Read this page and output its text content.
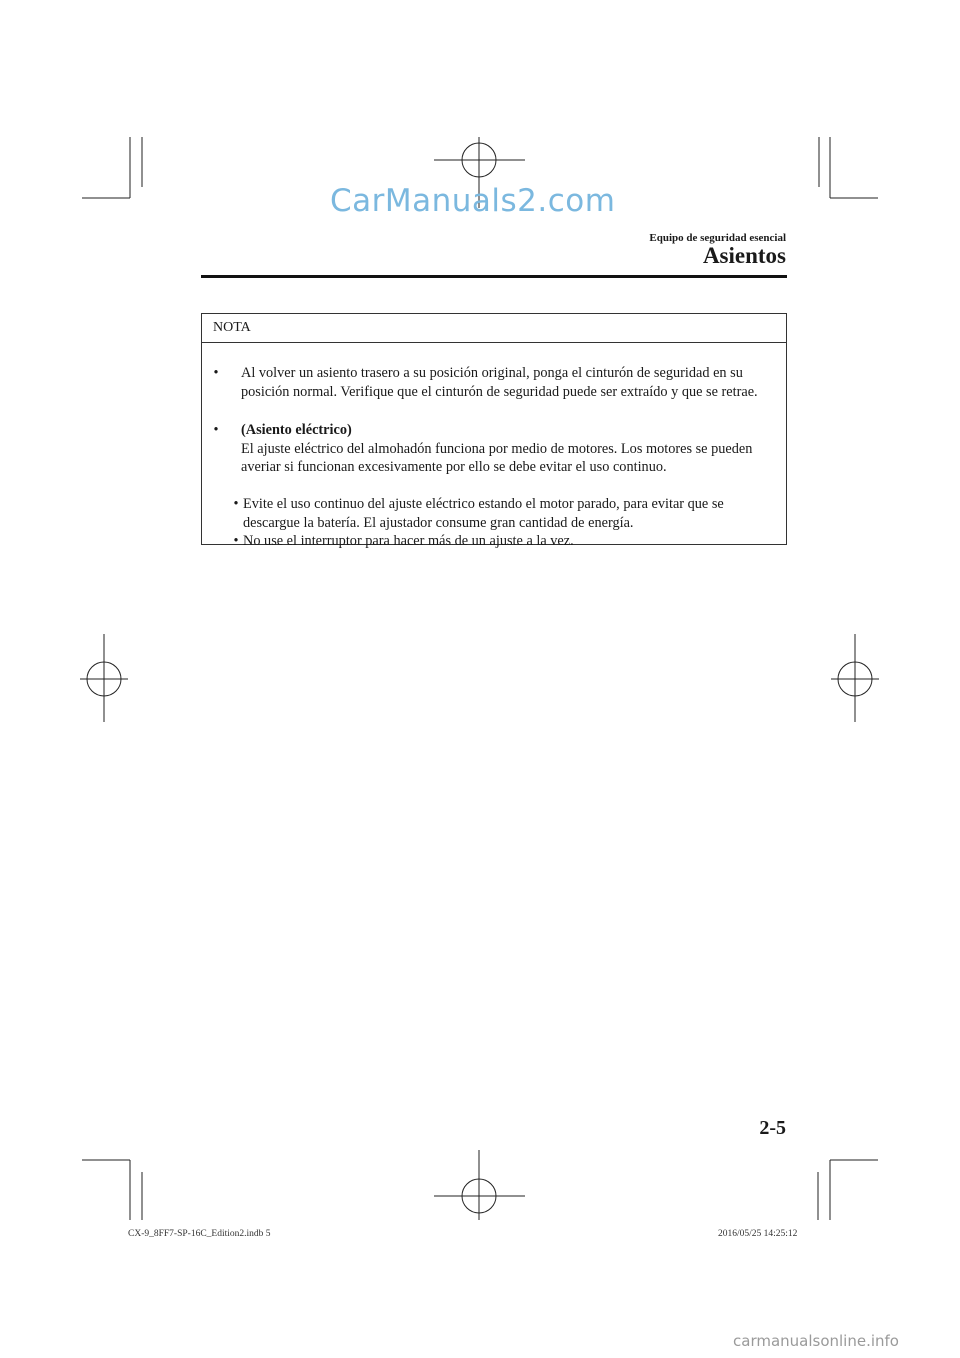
CarManuals2.com
Equipo de seguridad esencial
Asientos
NOTA
• Al volver un asiento trasero a su posición original, ponga el cinturón de seguridad en su posición normal. Verifique que el cinturón de seguridad puede ser extraído y que se retrae.
• (Asiento eléctrico)
El ajuste eléctrico del almohadón funciona por medio de motores. Los motores se pueden averiar si funcionan excesivamente por ello se debe evitar el uso continuo.
• Evite el uso continuo del ajuste eléctrico estando el motor parado, para evitar que se descargue la batería. El ajustador consume gran cantidad de energía.
• No use el interruptor para hacer más de un ajuste a la vez.
2-5
CX-9_8FF7-SP-16C_Edition2.indb 5	2016/05/25 14:25:12
carmanualsonline.info
